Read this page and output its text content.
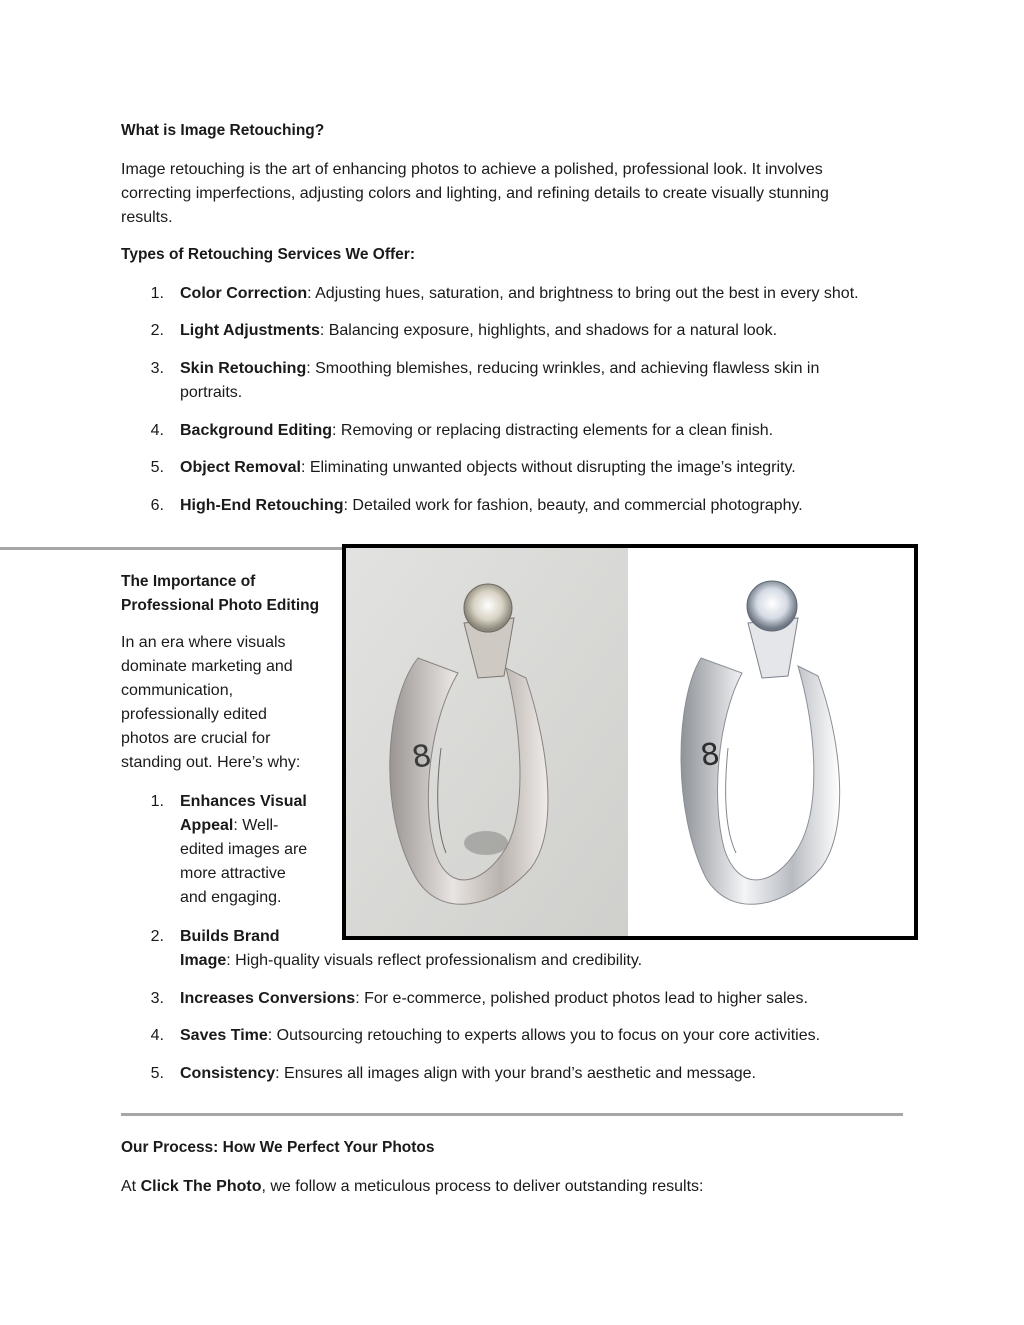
What is Image Retouching?
Image retouching is the art of enhancing photos to achieve a polished, professional look. It involves
correcting imperfections, adjusting colors and lighting, and refining details to create visually stunning
results.
Types of Retouching Services We Offer:
1. Color Correction: Adjusting hues, saturation, and brightness to bring out the best in every shot.
2. Light Adjustments: Balancing exposure, highlights, and shadows for a natural look.
3. Skin Retouching: Smoothing blemishes, reducing wrinkles, and achieving flawless skin in
portraits.
4. Background Editing: Removing or replacing distracting elements for a clean finish.
5. Object Removal: Eliminating unwanted objects without disrupting the image’s integrity.
6. High-End Retouching: Detailed work for fashion, beauty, and commercial photography.
8	8
The Importance of
Professional Photo Editing
In an era where visuals
dominate marketing and
communication,
professionally edited
photos are crucial for
standing out. Here’s why:
1. Enhances Visual
Appeal: Well-
edited images are
more attractive
and engaging.
2. Builds Brand
Image: High-quality visuals reflect professionalism and credibility.
3. Increases Conversions: For e-commerce, polished product photos lead to higher sales.
4. Saves Time: Outsourcing retouching to experts allows you to focus on your core activities.
5. Consistency: Ensures all images align with your brand’s aesthetic and message.
Our Process: How We Perfect Your Photos
At Click The Photo, we follow a meticulous process to deliver outstanding results:
